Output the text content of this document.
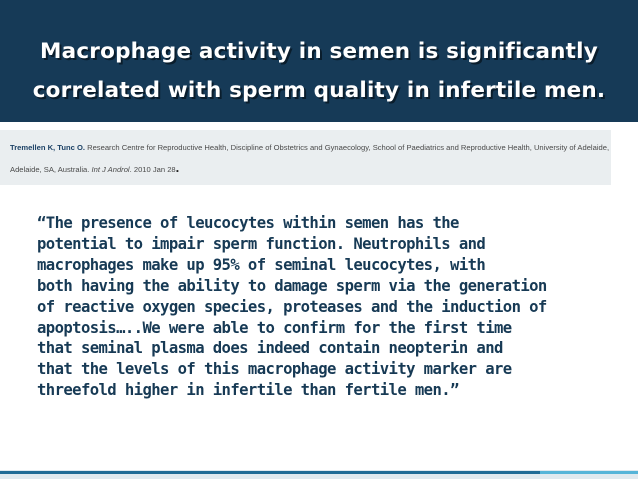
Macrophage activity in semen is significantly
correlated with sperm quality in infertile men.
Tremellen K, Tunc O. Research Centre for Reproductive Health, Discipline of Obstetrics and Gynaecology, School of Paediatrics and Reproductive Health, University of Adelaide, Adelaide, SA, Australia. Int J Androl. 2010 Jan 28.
“The presence of leucocytes within semen has the
potential to impair sperm function. Neutrophils and
macrophages make up 95% of seminal leucocytes, with
both having the ability to damage sperm via the generation
of reactive oxygen species, proteases and the induction of
apoptosis…..We were able to confirm for the first time
that seminal plasma does indeed contain neopterin and
that the levels of this macrophage activity marker are
threefold higher in infertile than fertile men.”
